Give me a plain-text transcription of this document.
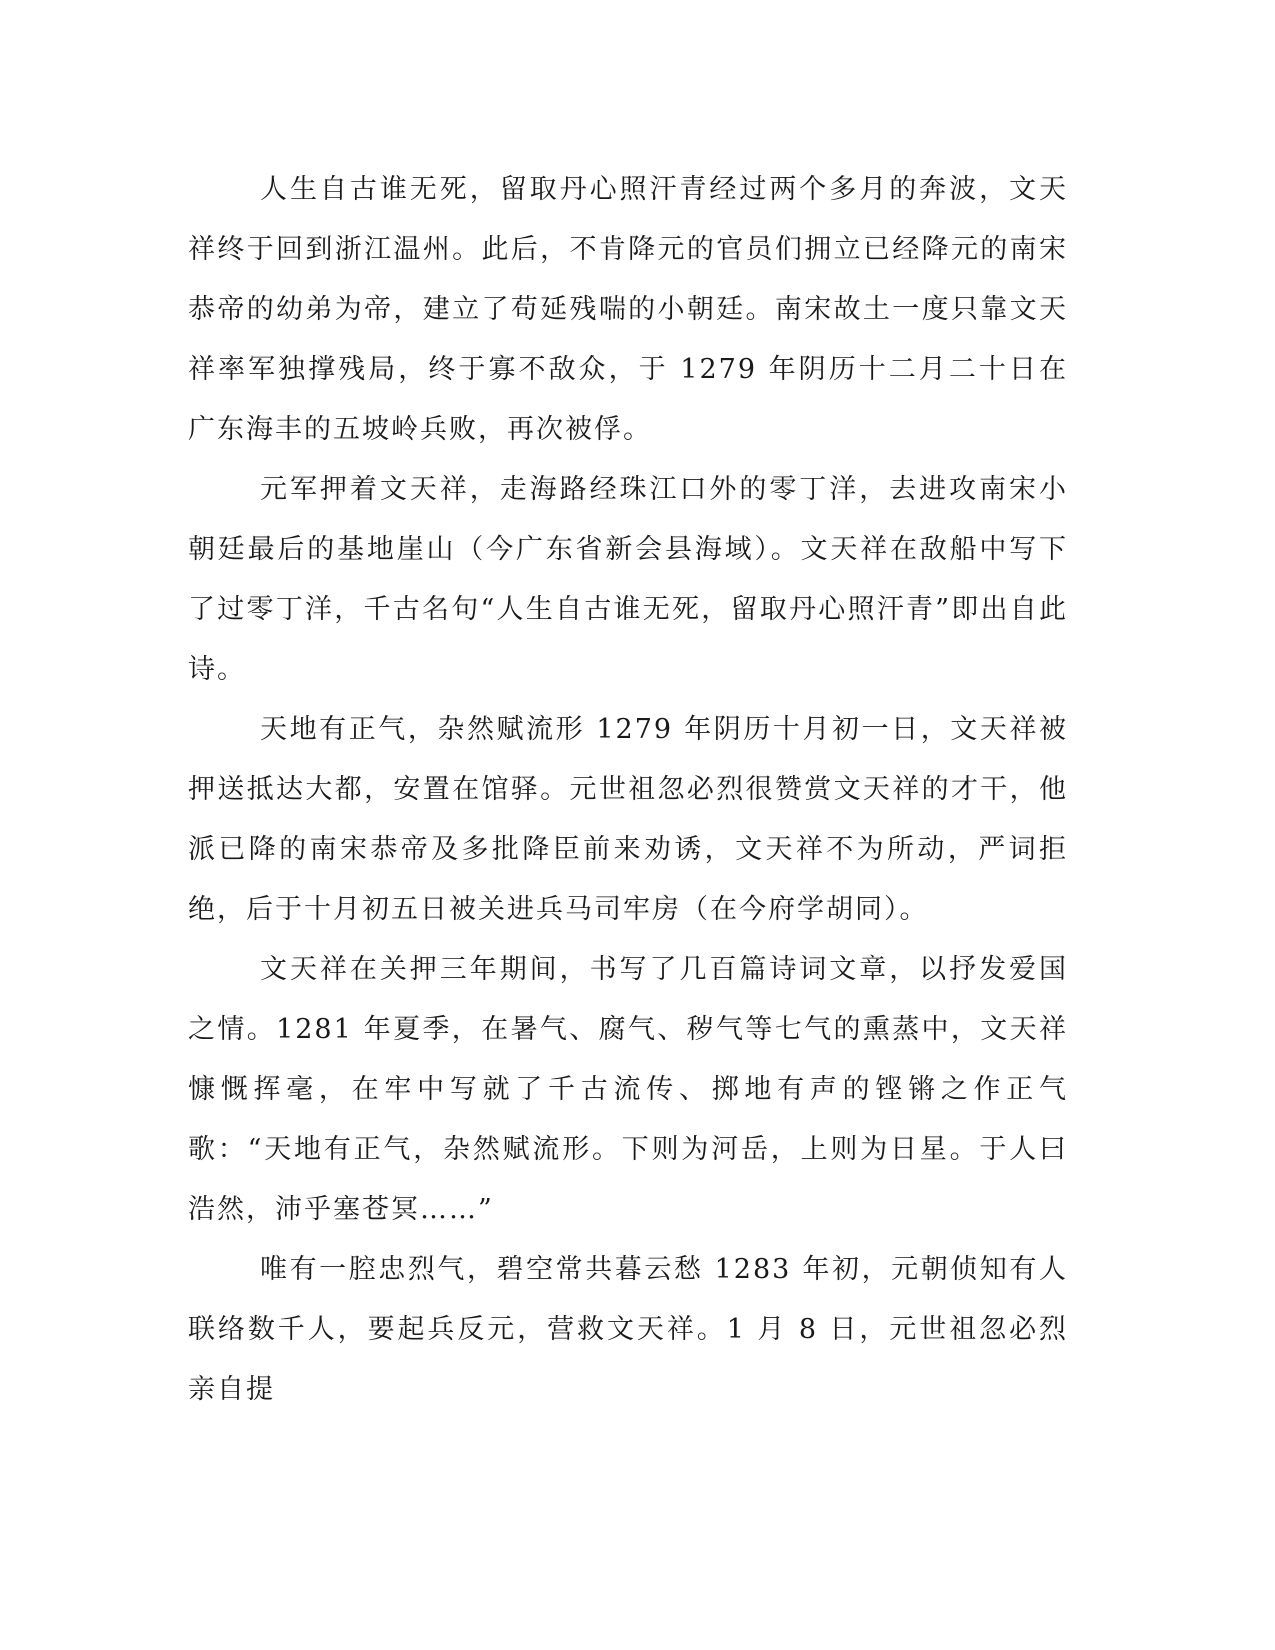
人生自古谁无死，留取丹心照汗青经过两个多月的奔波，文天祥终于回到浙江温州。此后，不肯降元的官员们拥立已经降元的南宋恭帝的幼弟为帝，建立了苟延残喘的小朝廷。南宋故土一度只靠文天祥率军独撑残局，终于寡不敌众，于 1279 年阴历十二月二十日在广东海丰的五坡岭兵败，再次被俘。

元军押着文天祥，走海路经珠江口外的零丁洋，去进攻南宋小朝廷最后的基地崖山（今广东省新会县海域）。文天祥在敌船中写下了过零丁洋，千古名句“人生自古谁无死，留取丹心照汗青”即出自此诗。

天地有正气，杂然赋流形 1279 年阴历十月初一日，文天祥被押送抵达大都，安置在馆驿。元世祖忽必烈很赞赏文天祥的才干，他派已降的南宋恭帝及多批降臣前来劝诱，文天祥不为所动，严词拒绝，后于十月初五日被关进兵马司牢房（在今府学胡同）。

文天祥在关押三年期间，书写了几百篇诗词文章，以抒发爱国之情。1281 年夏季，在暑气、腐气、秽气等七气的熏蒸中，文天祥慷慨挥毫，在牢中写就了千古流传、掷地有声的铿锵之作正气歌：“天地有正气，杂然赋流形。下则为河岳，上则为日星。于人曰浩然，沛乎塞苍冥……”

唯有一腔忠烈气，碧空常共暮云愁 1283 年初，元朝侦知有人联络数千人，要起兵反元，营救文天祥。1 月 8 日，元世祖忽必烈亲自提
